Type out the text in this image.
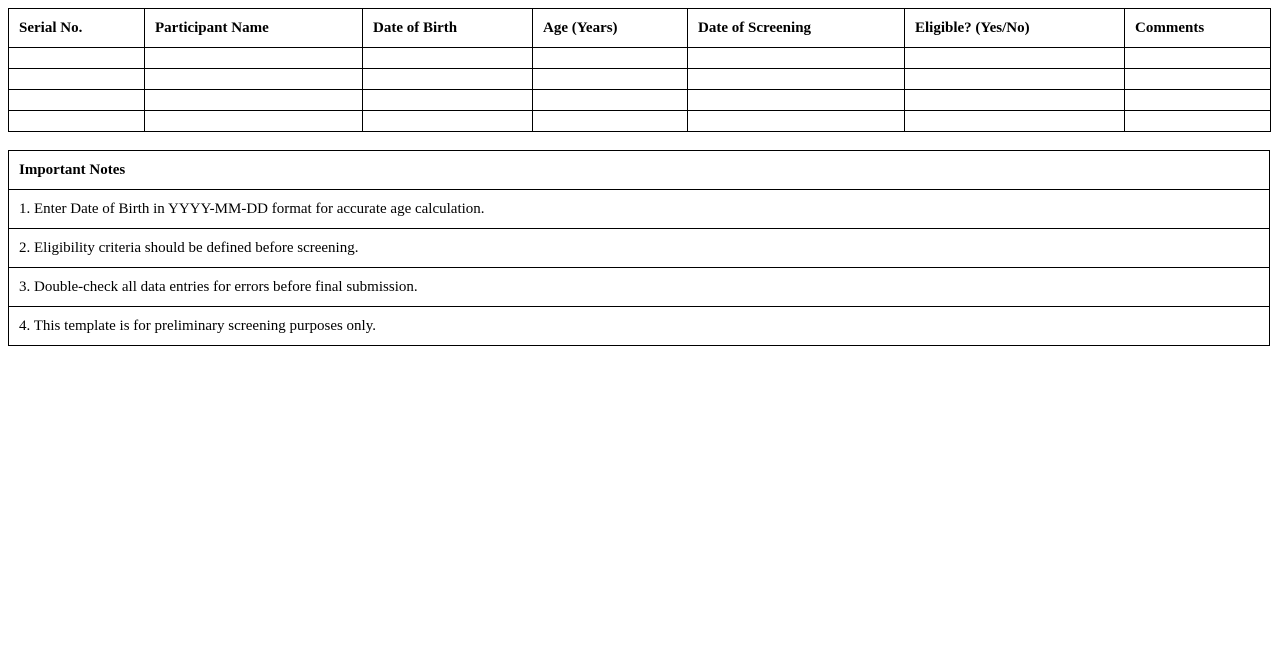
Serial No.	Participant Name	Date of Birth	Age (Years)	Date of Screening	Eligible? (Yes/No)	Comments

Important Notes
1. Enter Date of Birth in YYYY-MM-DD format for accurate age calculation.
2. Eligibility criteria should be defined before screening.
3. Double-check all data entries for errors before final submission.
4. This template is for preliminary screening purposes only.
